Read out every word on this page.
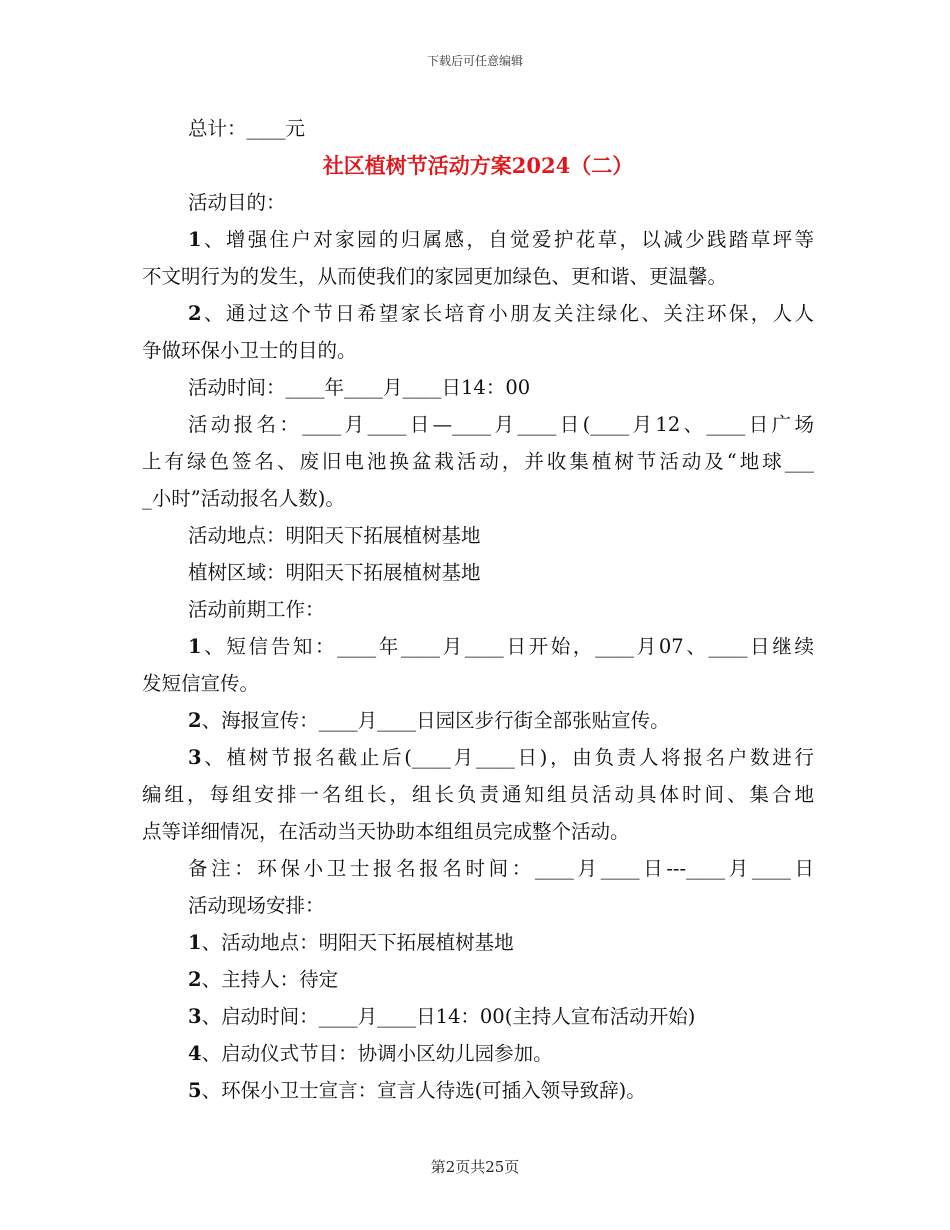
下载后可任意编辑
总计：____元
社区植树节活动方案2024（二）
活动目的：
1、增强住户对家园的归属感，自觉爱护花草，以减少践踏草坪等
不文明行为的发生，从而使我们的家园更加绿色、更和谐、更温馨。
2、通过这个节日希望家长培育小朋友关注绿化、关注环保，人人
争做环保小卫士的目的。
活动时间：____年____月____日14：00
活动报名：____月____日—____月____日(____月12、____日广场
上有绿色签名、废旧电池换盆栽活动，并收集植树节活动及“地球___
_小时”活动报名人数)。
活动地点：明阳天下拓展植树基地
植树区域：明阳天下拓展植树基地
活动前期工作：
1、短信告知：____年____月____日开始，____月07、____日继续
发短信宣传。
2、海报宣传：____月____日园区步行街全部张贴宣传。
3、植树节报名截止后(____月____日)，由负责人将报名户数进行
编组，每组安排一名组长，组长负责通知组员活动具体时间、集合地
点等详细情况，在活动当天协助本组组员完成整个活动。
备注：环保小卫士报名报名时间：____月____日---____月____日
活动现场安排：
1、活动地点：明阳天下拓展植树基地
2、主持人：待定
3、启动时间：____月____日14：00(主持人宣布活动开始)
4、启动仪式节目：协调小区幼儿园参加。
5、环保小卫士宣言：宣言人待选(可插入领导致辞)。
第2页共25页
